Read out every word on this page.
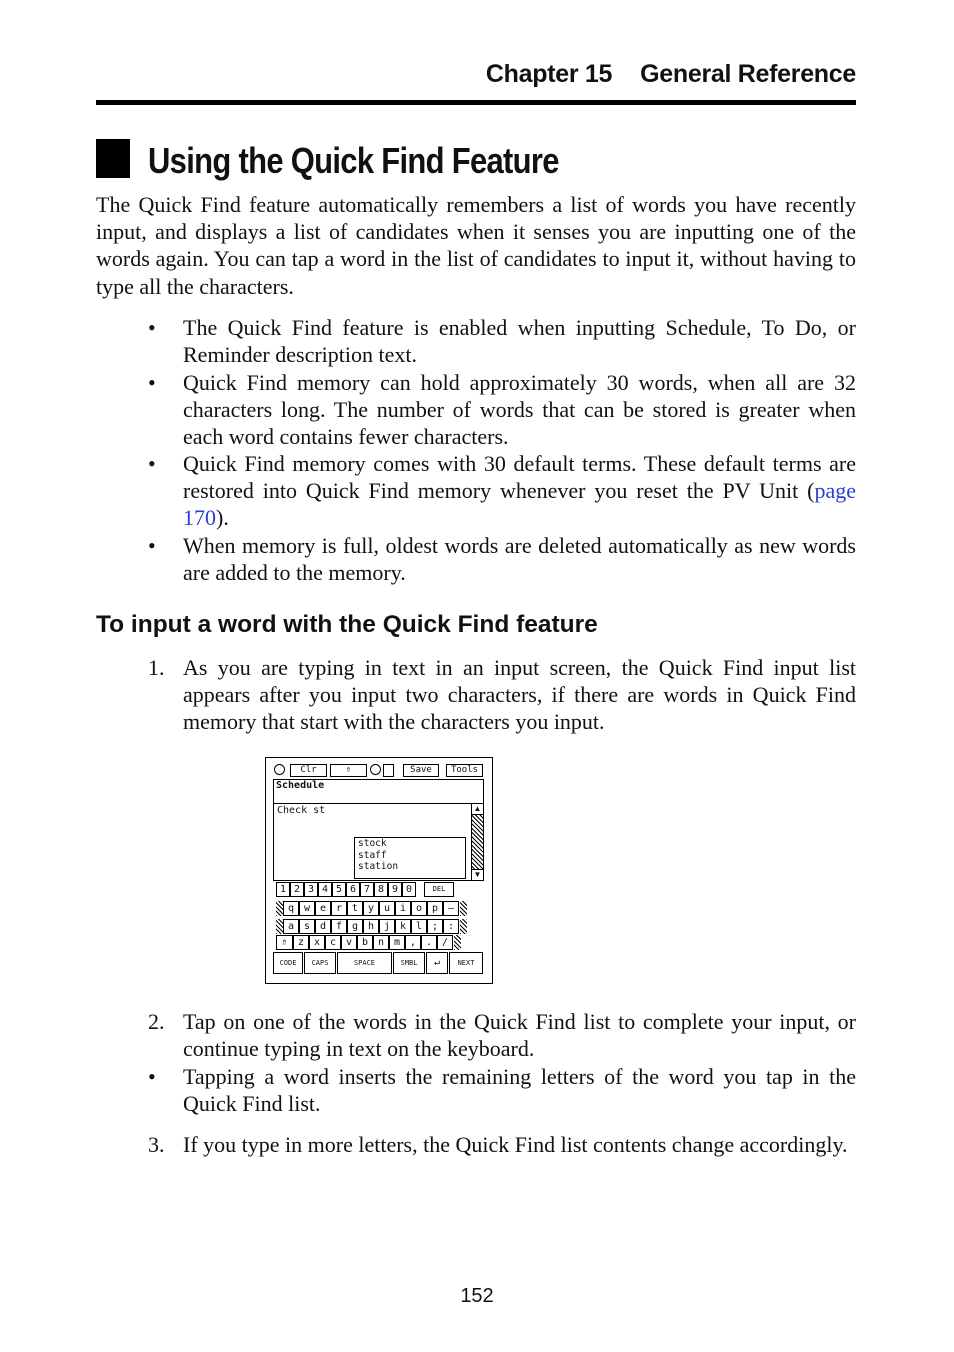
Chapter 15 General Reference
Using the Quick Find Feature
The Quick Find feature automatically remembers a list of words you have recently input, and displays a list of candidates when it senses you are inputting one of the words again. You can tap a word in the list of candidates to input it, without having to type all the characters.
• The Quick Find feature is enabled when inputting Schedule, To Do, or Reminder description text.
• Quick Find memory can hold approximately 30 words, when all are 32 characters long. The number of words that can be stored is greater when each word contains fewer characters.
• Quick Find memory comes with 30 default terms. These default terms are restored into Quick Find memory whenever you reset the PV Unit (page 170).
• When memory is full, oldest words are deleted automatically as new words are added to the memory.
To input a word with the Quick Find feature
1. As you are typing in text in an input screen, the Quick Find input list appears after you input two characters, if there are words in Quick Find memory that start with the characters you input.
Clr	⇑	Save	Tools
Schedule
Check st
stock
staff
station
▲
▼
1 2 3 4 5 6 7 8 9 0	DEL
q w e r t y u i o p –
a s d f g h j k l ; :
⇑	z x c v b n m , . /
CODE	CAPS	SPACE	SMBL	↵	NEXT
2. Tap on one of the words in the Quick Find list to complete your input, or continue typing in text on the keyboard.
• Tapping a word inserts the remaining letters of the word you tap in the Quick Find list.
3. If you type in more letters, the Quick Find list contents change accordingly.
152
